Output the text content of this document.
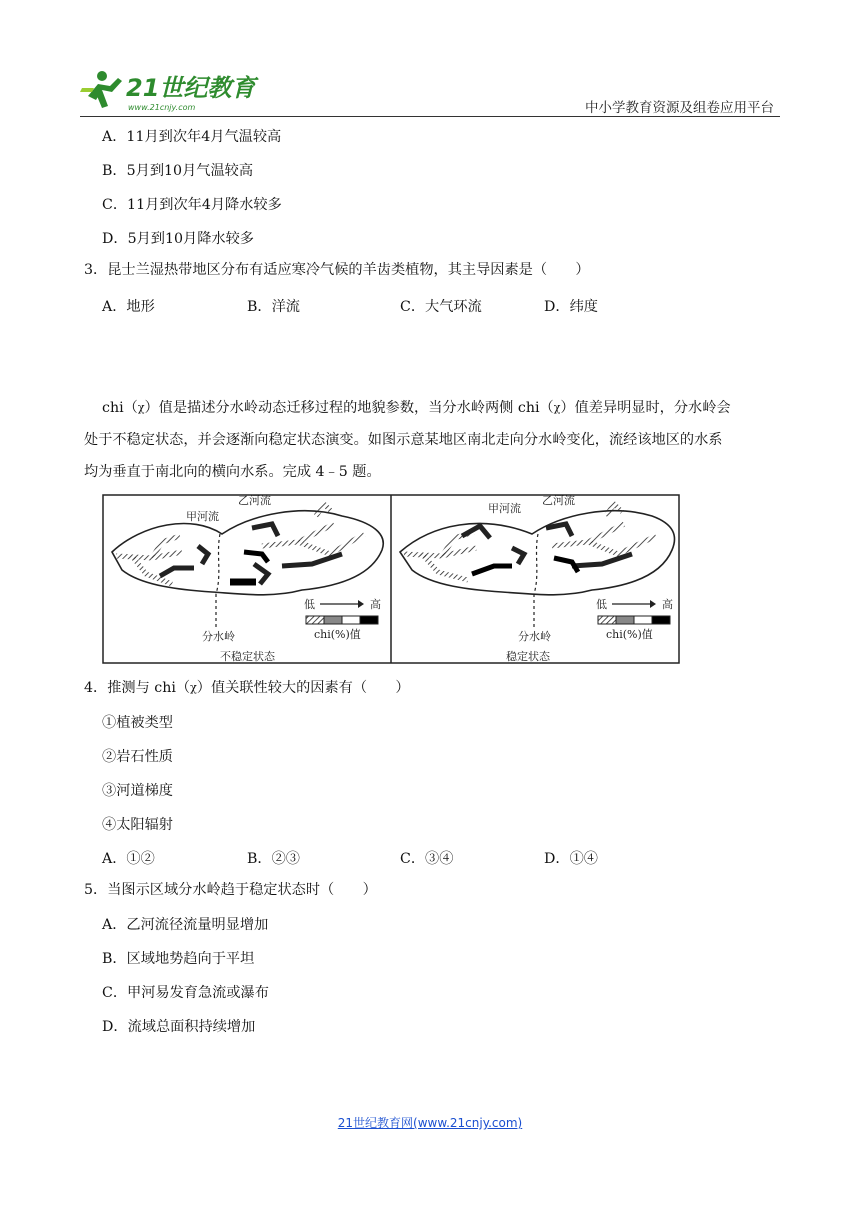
21世纪教育
www.21cnjy.com	中小学教育资源及组卷应用平台
A．11月到次年4月气温较高
B．5月到10月气温较高
C．11月到次年4月降水较多
D．5月到10月降水较多
3．昆士兰湿热带地区分布有适应寒冷气候的羊齿类植物，其主导因素是（　　）
A．地形	B．洋流	C．大气环流	D．纬度
chi（χ）值是描述分水岭动态迁移过程的地貌参数，当分水岭两侧 chi（χ）值差异明显时，分水岭会
处于不稳定状态，并会逐渐向稳定状态演变。如图示意某地区南北走向分水岭变化，流经该地区的水系
均为垂直于南北向的横向水系。完成 4﹣5 题。
甲河流
乙河流
分水岭
不稳定状态
低	高
chi(%)值
甲河流
乙河流
分水岭
稳定状态
低	高
chi(%)值
4．推测与 chi（χ）值关联性较大的因素有（　　）
①植被类型
②岩石性质
③河道梯度
④太阳辐射
A．①②	B．②③	C．③④	D．①④
5．当图示区域分水岭趋于稳定状态时（　　）
A．乙河流径流量明显增加
B．区域地势趋向于平坦
C．甲河易发育急流或瀑布
D．流域总面积持续增加
21世纪教育网(www.21cnjy.com)
